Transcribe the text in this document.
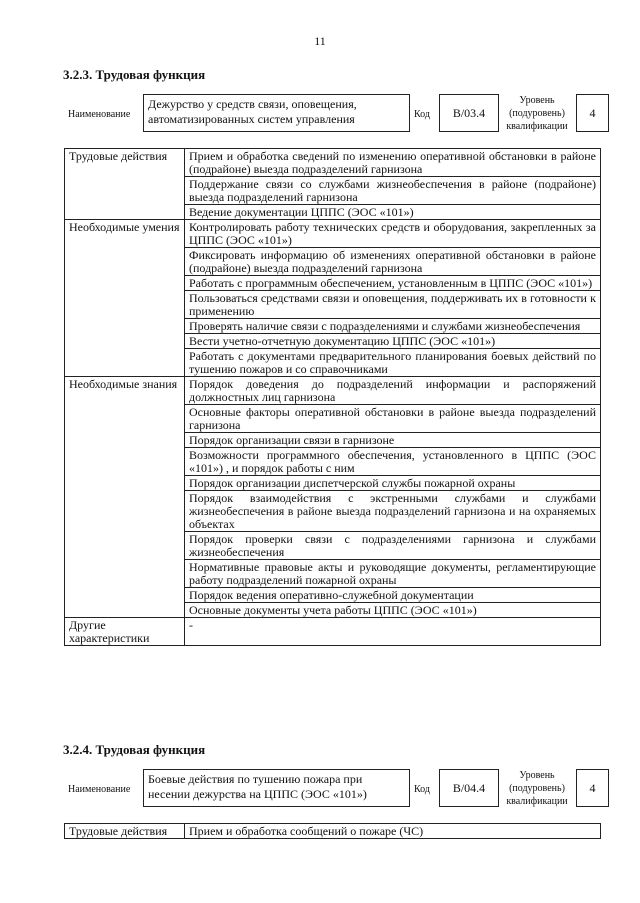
11
3.2.3. Трудовая функция
Наименование
Дежурство у средств связи, оповещения, автоматизированных систем управления	Код	В/03.4
Уровень
(подуровень)
квалификации
4
Трудовые действия	Прием и обработка сведений по изменению оперативной обстановки в районе (подрайоне) выезда подразделений гарнизона
	Поддержание связи со службами жизнеобеспечения в районе (подрайоне) выезда подразделений гарнизона
	Ведение документации ЦППС (ЭОС «101»)
Необходимые умения	Контролировать работу технических средств и оборудования, закрепленных за ЦППС (ЭОС «101»)
	Фиксировать информацию об изменениях оперативной обстановки в районе (подрайоне) выезда подразделений гарнизона
	Работать с программным обеспечением, установленным в ЦППС (ЭОС «101»)
	Пользоваться средствами связи и оповещения, поддерживать их в готовности к применению
	Проверять наличие связи с подразделениями и службами жизнеобеспечения
	Вести учетно-отчетную документацию ЦППС (ЭОС «101»)
	Работать с документами предварительного планирования боевых действий по тушению пожаров и со справочниками
Необходимые знания	Порядок доведения до подразделений информации и распоряжений должностных лиц гарнизона
	Основные факторы оперативной обстановки в районе выезда подразделений гарнизона
	Порядок организации связи в гарнизоне
	Возможности программного обеспечения, установленного в ЦППС (ЭОС «101») , и порядок работы с ним
	Порядок организации диспетчерской службы пожарной охраны
	Порядок взаимодействия с экстренными службами и службами жизнеобеспечения в районе выезда подразделений гарнизона и на охраняемых объектах
	Порядок проверки связи с подразделениями гарнизона и службами жизнеобеспечения
	Нормативные правовые акты и руководящие документы, регламентирующие работу подразделений пожарной охраны
	Порядок ведения оперативно-служебной документации
	Основные документы учета работы ЦППС (ЭОС «101»)
Другие характеристики	-
3.2.4. Трудовая функция
Наименование
Боевые действия по тушению пожара при несении дежурства на ЦППС (ЭОС «101»)	Код	В/04.4
Уровень
(подуровень)
квалификации
4
Трудовые действия	Прием и обработка сообщений о пожаре (ЧС)
